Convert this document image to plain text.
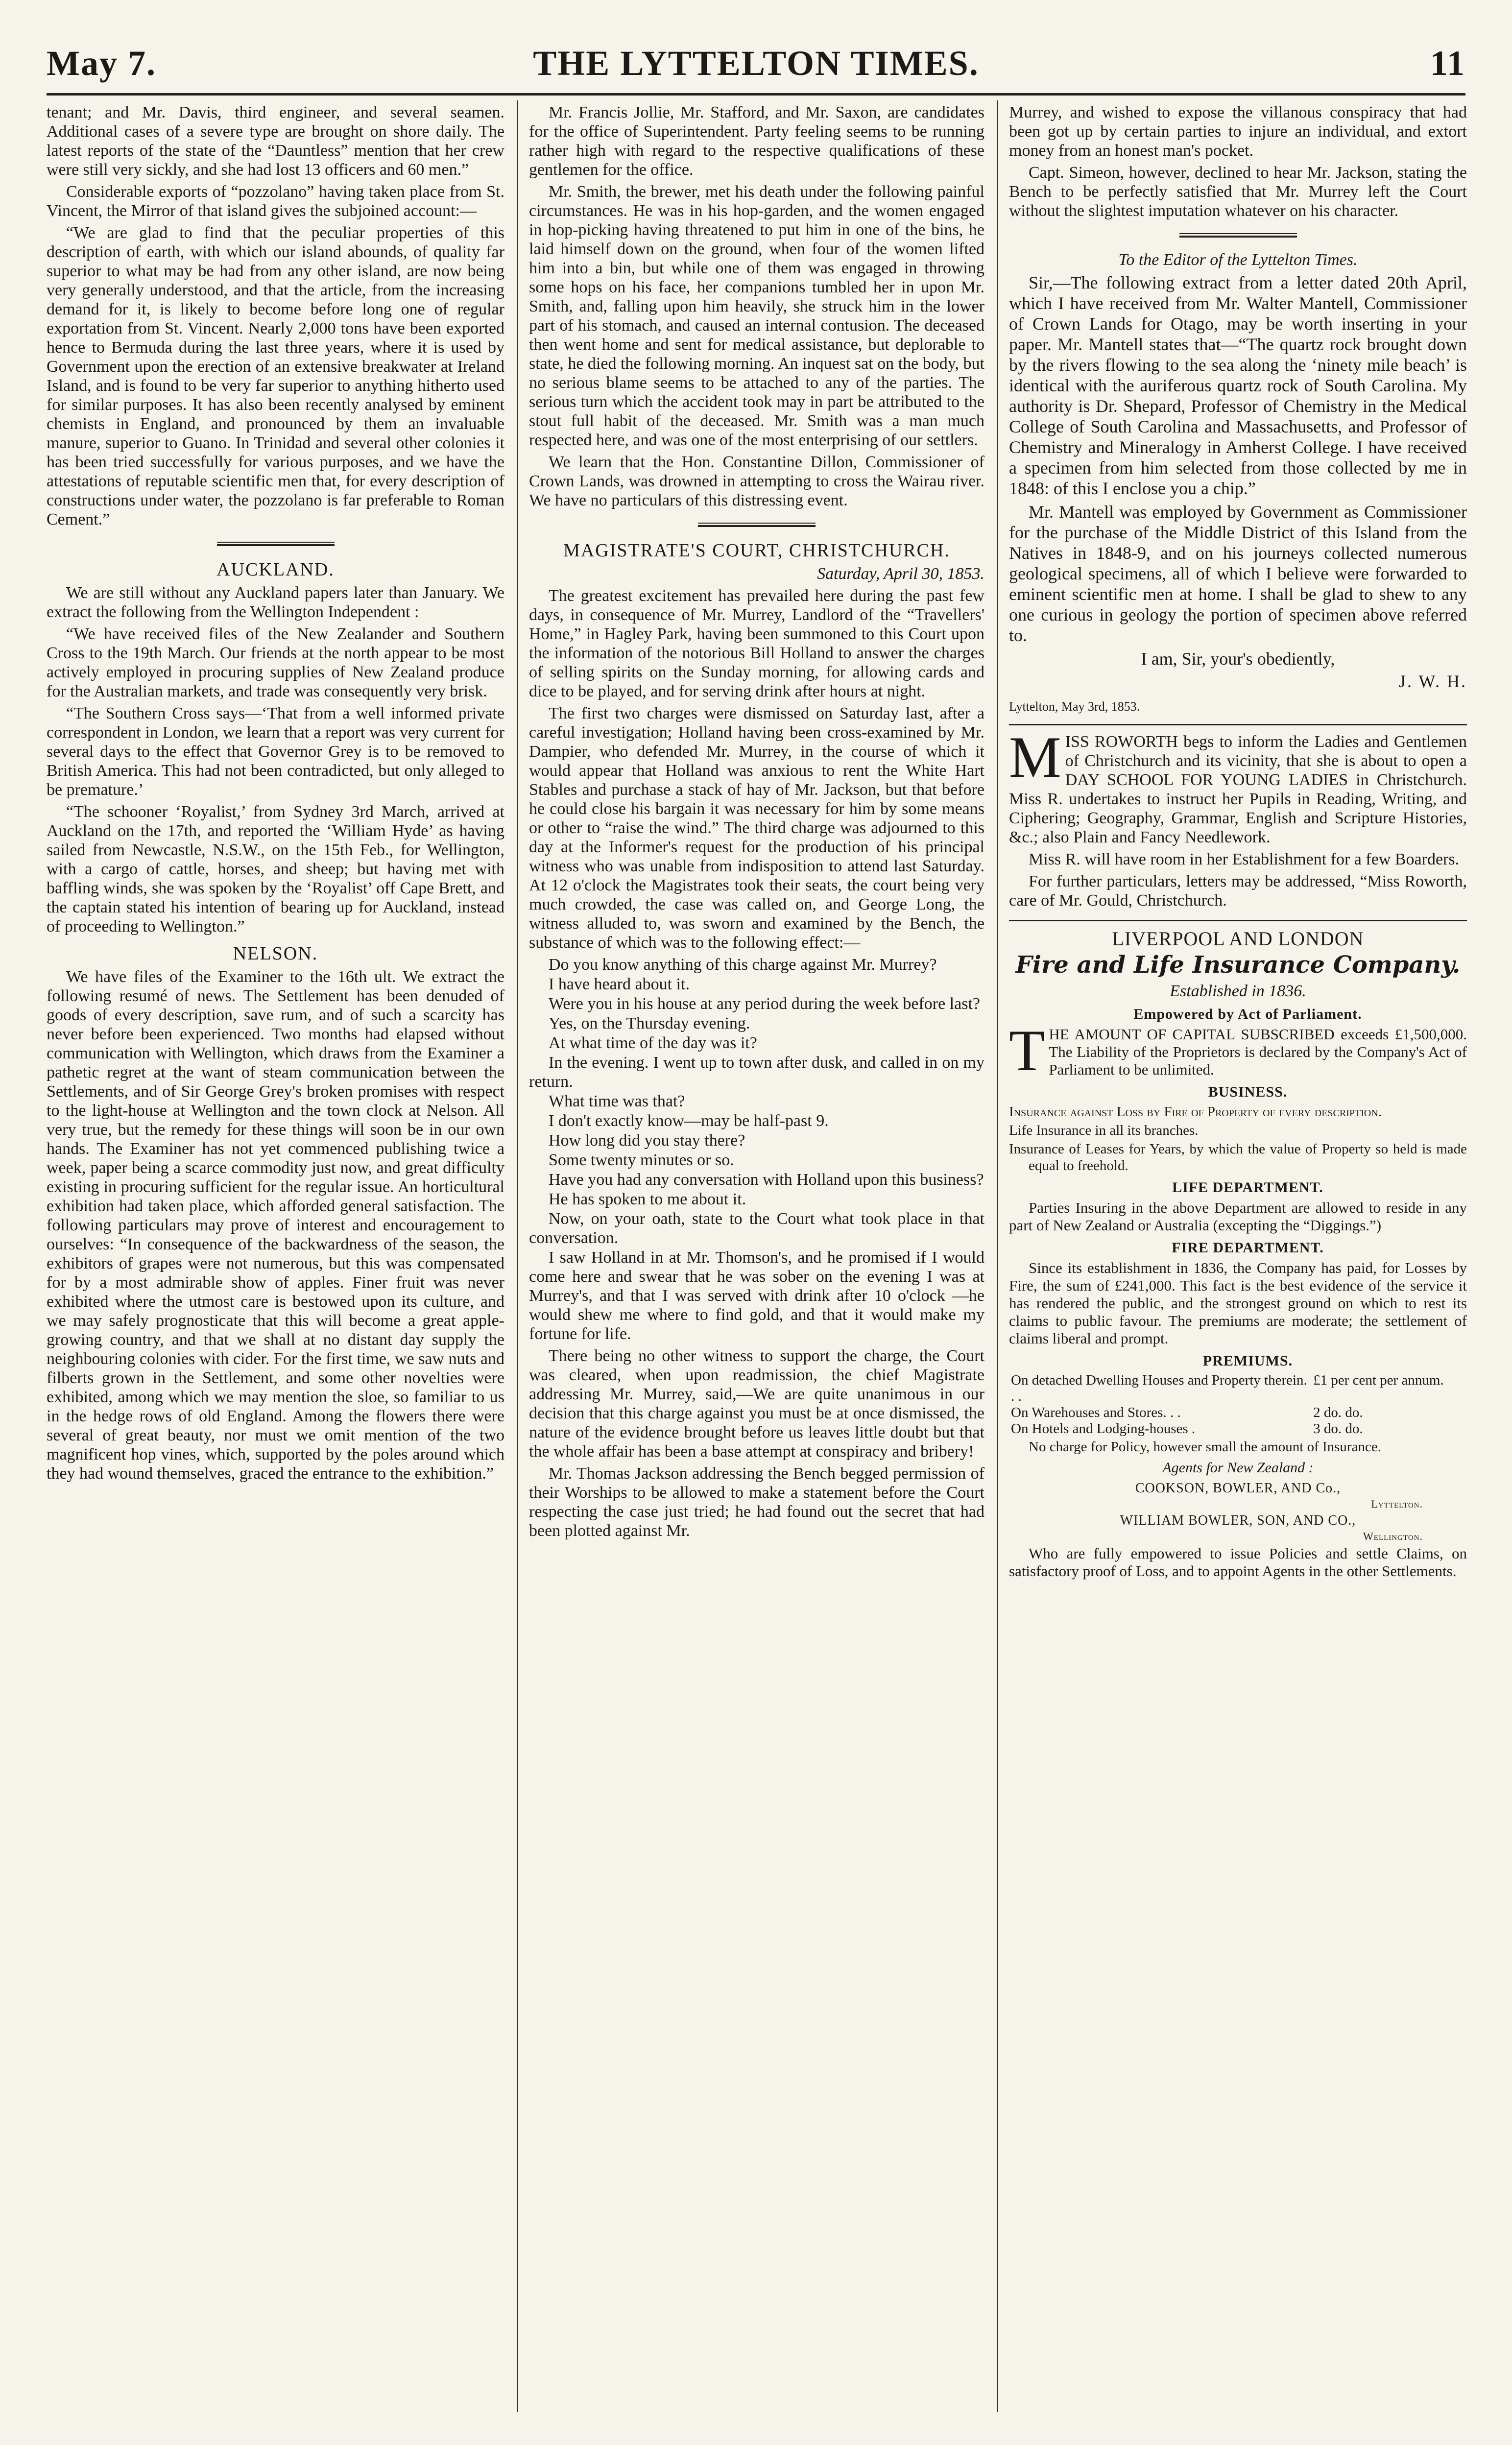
May 7.	THE LYTTELTON TIMES.	11

tenant; and Mr. Davis, third engineer, and several seamen. Additional cases of a severe type are brought on shore daily. The latest reports of the state of the “Dauntless” mention that her crew were still very sickly, and she had lost 13 officers and 60 men.”

Considerable exports of “pozzolano” having taken place from St. Vincent, the Mirror of that island gives the subjoined account:—

“We are glad to find that the peculiar properties of this description of earth, with which our island abounds, of quality far superior to what may be had from any other island, are now being very generally understood, and that the article, from the increasing demand for it, is likely to become before long one of regular exportation from St. Vincent. Nearly 2,000 tons have been exported hence to Bermuda during the last three years, where it is used by Government upon the erection of an extensive breakwater at Ireland Island, and is found to be very far superior to anything hitherto used for similar purposes. It has also been recently analysed by eminent chemists in England, and pronounced by them an invaluable manure, superior to Guano. In Trinidad and several other colonies it has been tried successfully for various purposes, and we have the attestations of reputable scientific men that, for every description of constructions under water, the pozzolano is far preferable to Roman Cement.”

AUCKLAND.

We are still without any Auckland papers later than January. We extract the following from the Wellington Independent :

“We have received files of the New Zealander and Southern Cross to the 19th March. Our friends at the north appear to be most actively employed in procuring supplies of New Zealand produce for the Australian markets, and trade was consequently very brisk.

“The Southern Cross says—‘That from a well informed private correspondent in London, we learn that a report was very current for several days to the effect that Governor Grey is to be removed to British America. This had not been contradicted, but only alleged to be premature.’

“The schooner ‘Royalist,’ from Sydney 3rd March, arrived at Auckland on the 17th, and reported the ‘William Hyde’ as having sailed from Newcastle, N.S.W., on the 15th Feb., for Wellington, with a cargo of cattle, horses, and sheep; but having met with baffling winds, she was spoken by the ‘Royalist’ off Cape Brett, and the captain stated his intention of bearing up for Auckland, instead of proceeding to Wellington.”

NELSON.

We have files of the Examiner to the 16th ult. We extract the following resumé of news. The Settlement has been denuded of goods of every description, save rum, and of such a scarcity has never before been experienced. Two months had elapsed without communication with Wellington, which draws from the Examiner a pathetic regret at the want of steam communication between the Settlements, and of Sir George Grey's broken promises with respect to the light-house at Wellington and the town clock at Nelson. All very true, but the remedy for these things will soon be in our own hands. The Examiner has not yet commenced publishing twice a week, paper being a scarce commodity just now, and great difficulty existing in procuring sufficient for the regular issue. An horticultural exhibition had taken place, which afforded general satisfaction. The following particulars may prove of interest and encouragement to ourselves: “In consequence of the backwardness of the season, the exhibitors of grapes were not numerous, but this was compensated for by a most admirable show of apples. Finer fruit was never exhibited where the utmost care is bestowed upon its culture, and we may safely prognosticate that this will become a great apple-growing country, and that we shall at no distant day supply the neighbouring colonies with cider. For the first time, we saw nuts and filberts grown in the Settlement, and some other novelties were exhibited, among which we may mention the sloe, so familiar to us in the hedge rows of old England. Among the flowers there were several of great beauty, nor must we omit mention of the two magnificent hop vines, which, supported by the poles around which they had wound themselves, graced the entrance to the exhibition.”

Mr. Francis Jollie, Mr. Stafford, and Mr. Saxon, are candidates for the office of Superintendent. Party feeling seems to be running rather high with regard to the respective qualifications of these gentlemen for the office.

Mr. Smith, the brewer, met his death under the following painful circumstances. He was in his hop-garden, and the women engaged in hop-picking having threatened to put him in one of the bins, he laid himself down on the ground, when four of the women lifted him into a bin, but while one of them was engaged in throwing some hops on his face, her companions tumbled her in upon Mr. Smith, and, falling upon him heavily, she struck him in the lower part of his stomach, and caused an internal contusion. The deceased then went home and sent for medical assistance, but deplorable to state, he died the following morning. An inquest sat on the body, but no serious blame seems to be attached to any of the parties. The serious turn which the accident took may in part be attributed to the stout full habit of the deceased. Mr. Smith was a man much respected here, and was one of the most enterprising of our settlers.

We learn that the Hon. Constantine Dillon, Commissioner of Crown Lands, was drowned in attempting to cross the Wairau river. We have no particulars of this distressing event.

MAGISTRATE'S COURT, CHRISTCHURCH.

Saturday, April 30, 1853.

The greatest excitement has prevailed here during the past few days, in consequence of Mr. Murrey, Landlord of the “Travellers' Home,” in Hagley Park, having been summoned to this Court upon the information of the notorious Bill Holland to answer the charges of selling spirits on the Sunday morning, for allowing cards and dice to be played, and for serving drink after hours at night.

The first two charges were dismissed on Saturday last, after a careful investigation; Holland having been cross-examined by Mr. Dampier, who defended Mr. Murrey, in the course of which it would appear that Holland was anxious to rent the White Hart Stables and purchase a stack of hay of Mr. Jackson, but that before he could close his bargain it was necessary for him by some means or other to “raise the wind.” The third charge was adjourned to this day at the Informer's request for the production of his principal witness who was unable from indisposition to attend last Saturday. At 12 o'clock the Magistrates took their seats, the court being very much crowded, the case was called on, and George Long, the witness alluded to, was sworn and examined by the Bench, the substance of which was to the following effect:—

Do you know anything of this charge against Mr. Murrey?

I have heard about it.

Were you in his house at any period during the week before last?

Yes, on the Thursday evening.

At what time of the day was it?

In the evening. I went up to town after dusk, and called in on my return.

What time was that?

I don't exactly know—may be half-past 9.

How long did you stay there?

Some twenty minutes or so.

Have you had any conversation with Holland upon this business?

He has spoken to me about it.

Now, on your oath, state to the Court what took place in that conversation.

I saw Holland in at Mr. Thomson's, and he promised if I would come here and swear that he was sober on the evening I was at Murrey's, and that I was served with drink after 10 o'clock —he would shew me where to find gold, and that it would make my fortune for life.

There being no other witness to support the charge, the Court was cleared, when upon readmission, the chief Magistrate addressing Mr. Murrey, said,—We are quite unanimous in our decision that this charge against you must be at once dismissed, the nature of the evidence brought before us leaves little doubt but that the whole affair has been a base attempt at conspiracy and bribery!

Mr. Thomas Jackson addressing the Bench begged permission of their Worships to be allowed to make a statement before the Court respecting the case just tried; he had found out the secret that had been plotted against Mr.

Murrey, and wished to expose the villanous conspiracy that had been got up by certain parties to injure an individual, and extort money from an honest man's pocket.

Capt. Simeon, however, declined to hear Mr. Jackson, stating the Bench to be perfectly satisfied that Mr. Murrey left the Court without the slightest imputation whatever on his character.

To the Editor of the Lyttelton Times.

Sir,—The following extract from a letter dated 20th April, which I have received from Mr. Walter Mantell, Commissioner of Crown Lands for Otago, may be worth inserting in your paper. Mr. Mantell states that—“The quartz rock brought down by the rivers flowing to the sea along the ‘ninety mile beach’ is identical with the auriferous quartz rock of South Carolina. My authority is Dr. Shepard, Professor of Chemistry in the Medical College of South Carolina and Massachusetts, and Professor of Chemistry and Mineralogy in Amherst College. I have received a specimen from him selected from those collected by me in 1848: of this I enclose you a chip.”

Mr. Mantell was employed by Government as Commissioner for the purchase of the Middle District of this Island from the Natives in 1848-9, and on his journeys collected numerous geological specimens, all of which I believe were forwarded to eminent scientific men at home. I shall be glad to shew to any one curious in geology the portion of specimen above referred to.

I am, Sir, your's obediently,

J. W. H.

Lyttelton, May 3rd, 1853.

M ISS ROWORTH begs to inform the Ladies and Gentlemen of Christchurch and its vicinity, that she is about to open a DAY SCHOOL FOR YOUNG LADIES in Christchurch. Miss R. undertakes to instruct her Pupils in Reading, Writing, and Ciphering; Geography, Grammar, English and Scripture Histories, &c.; also Plain and Fancy Needlework.

Miss R. will have room in her Establishment for a few Boarders.

For further particulars, letters may be addressed, “Miss Roworth, care of Mr. Gould, Christchurch.

LIVERPOOL AND LONDON

Fire and Life Insurance Company.

Established in 1836.

Empowered by Act of Parliament.

T HE AMOUNT OF CAPITAL SUBSCRIBED exceeds £1,500,000. The Liability of the Proprietors is declared by the Company's Act of Parliament to be unlimited.

BUSINESS.

Insurance against Loss by Fire of Property of every description.

Life Insurance in all its branches.

Insurance of Leases for Years, by which the value of Property so held is made equal to freehold.

LIFE DEPARTMENT.

Parties Insuring in the above Department are allowed to reside in any part of New Zealand or Australia (excepting the “Diggings.”)

FIRE DEPARTMENT.

Since its establishment in 1836, the Company has paid, for Losses by Fire, the sum of £241,000. This fact is the best evidence of the service it has rendered the public, and the strongest ground on which to rest its claims to public favour. The premiums are moderate; the settlement of claims liberal and prompt.

PREMIUMS.

On detached Dwelling Houses and Property therein. . .	£1 per cent per annum.
On Warehouses and Stores. . .	2 do. do.
On Hotels and Lodging-houses .	3 do. do.

No charge for Policy, however small the amount of Insurance.

Agents for New Zealand :

COOKSON, BOWLER, AND Co.,
Lyttelton.
WILLIAM BOWLER, SON, AND CO.,
Wellington.

Who are fully empowered to issue Policies and settle Claims, on satisfactory proof of Loss, and to appoint Agents in the other Settlements.
